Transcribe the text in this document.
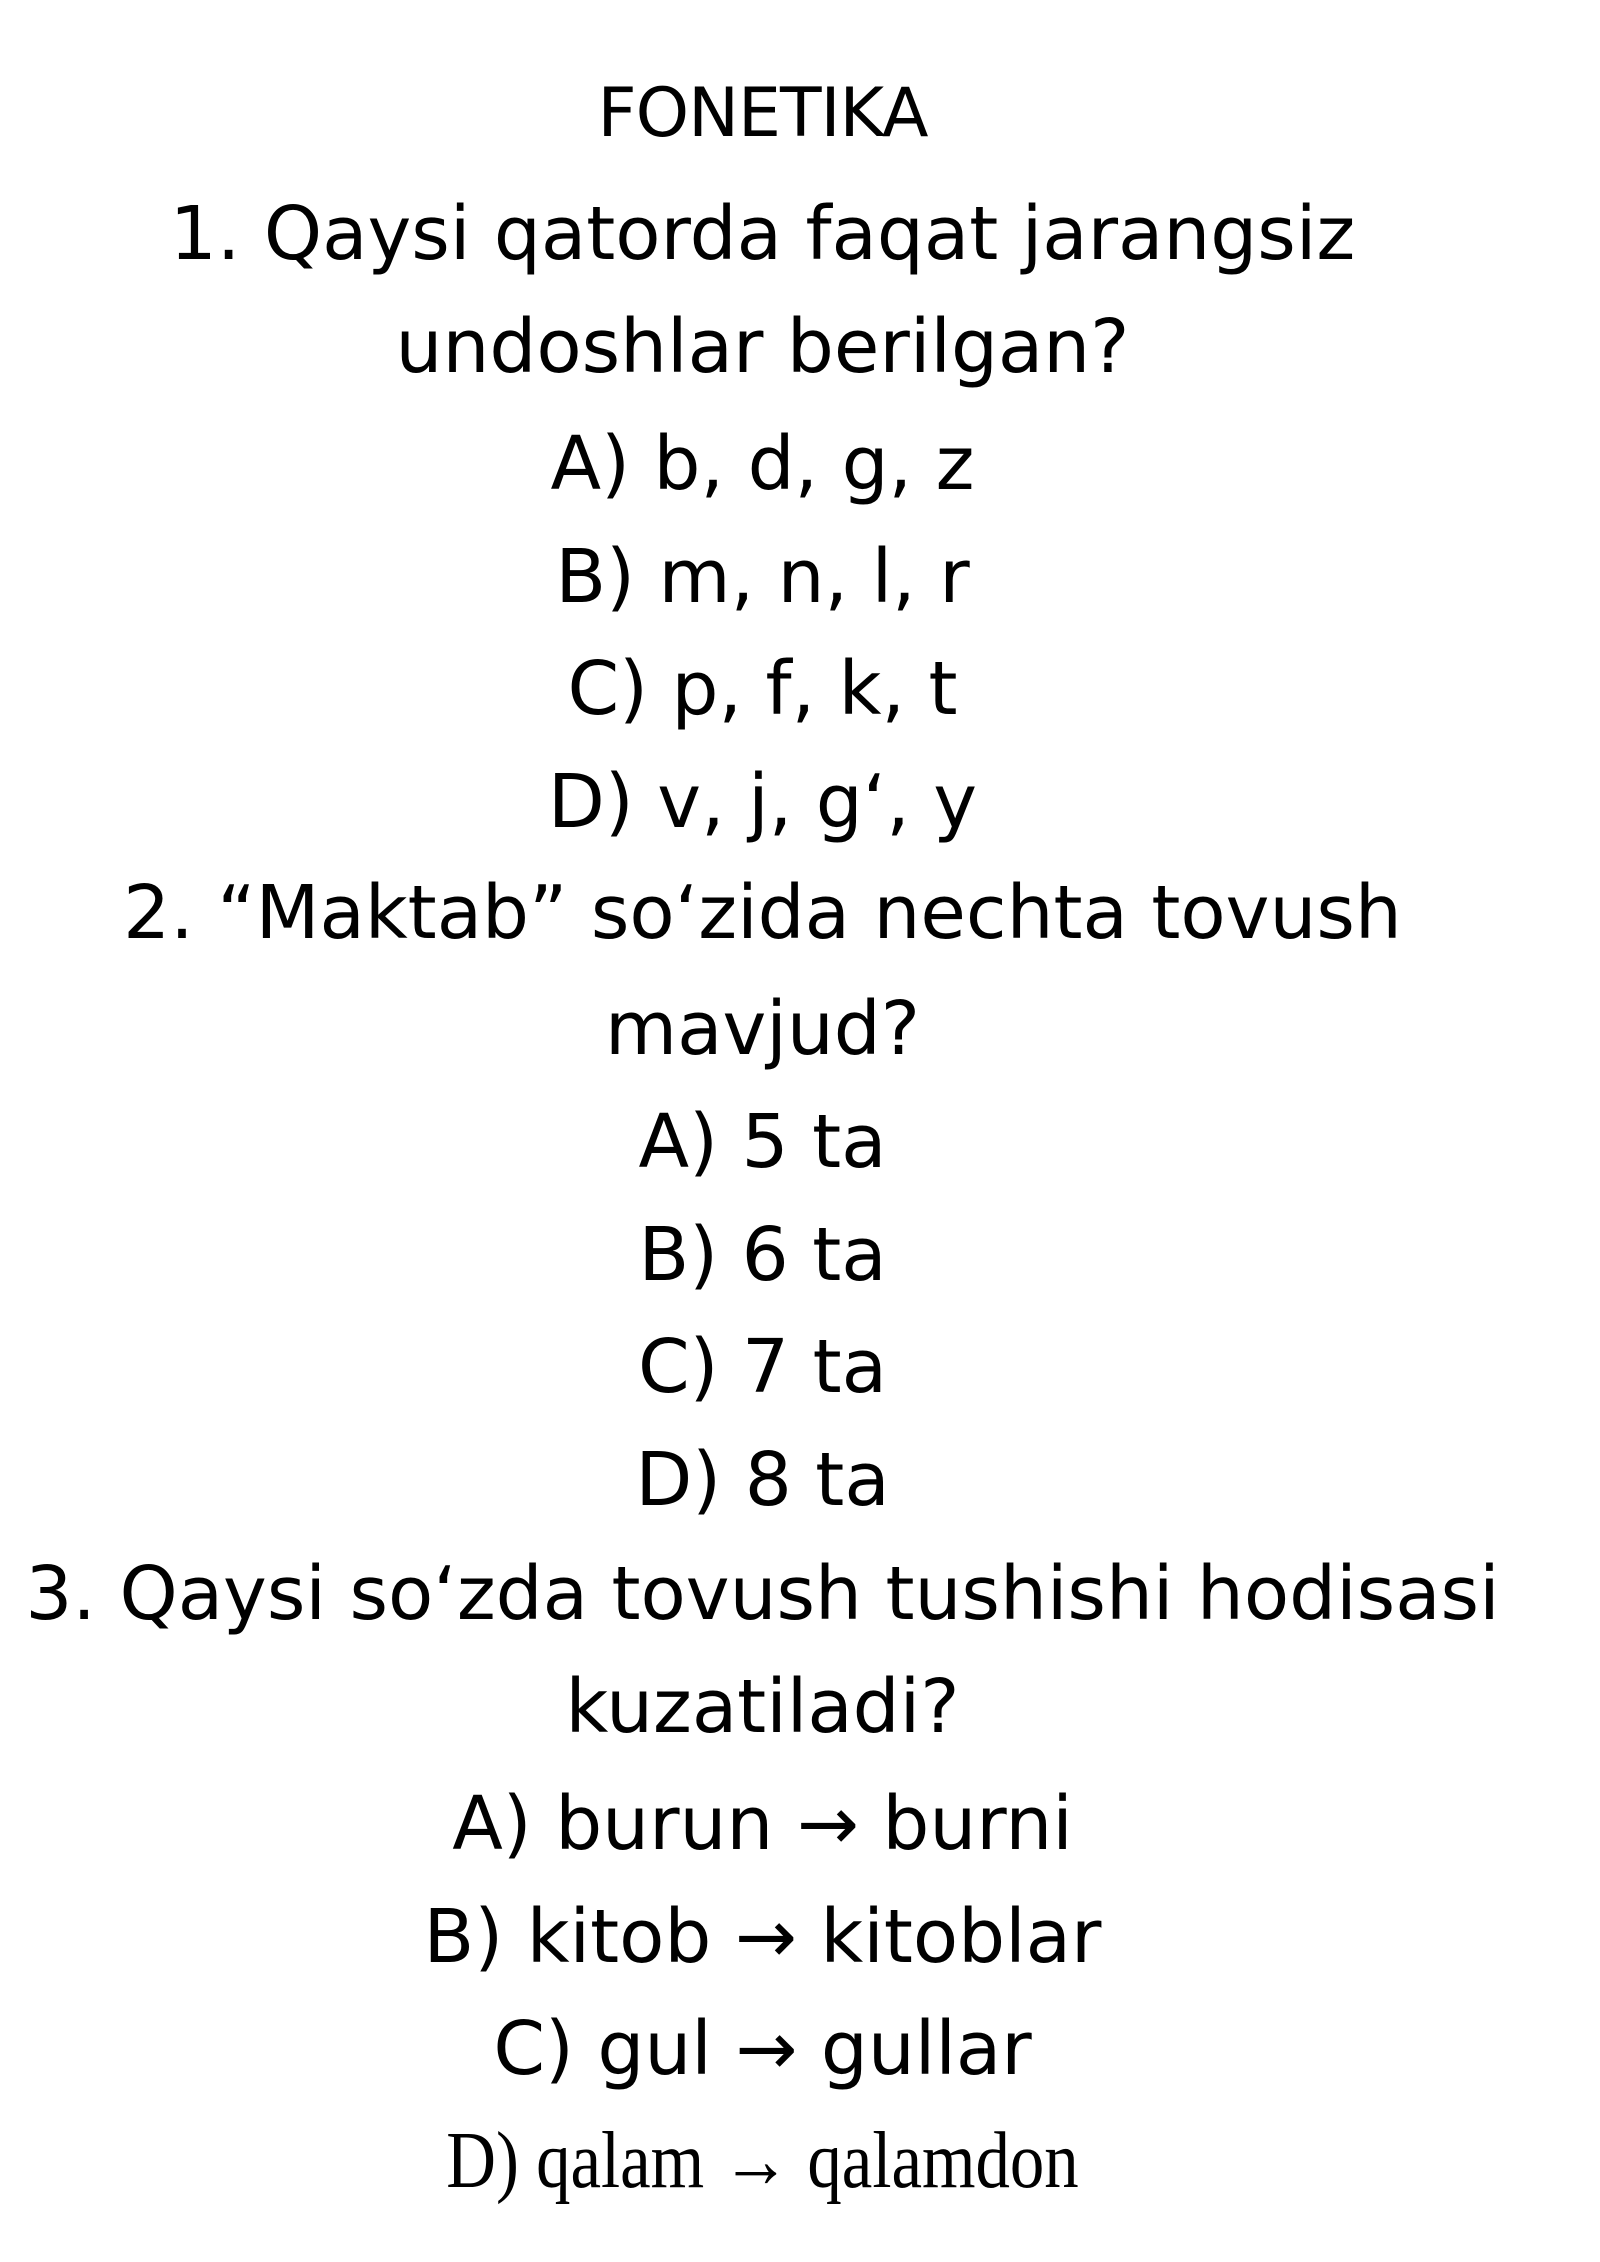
FONETIKA
1. Qaysi qatorda faqat jarangsiz
undoshlar berilgan?
A) b, d, g, z
B) m, n, l, r
C) p, f, k, t
D) v, j, g‘, y
2. “Maktab” so‘zida nechta tovush
mavjud?
A) 5 ta
B) 6 ta
C) 7 ta
D) 8 ta
3. Qaysi so‘zda tovush tushishi hodisasi
kuzatiladi?
A) burun → burni
B) kitob → kitoblar
C) gul → gullar
D) qalam → qalamdon
